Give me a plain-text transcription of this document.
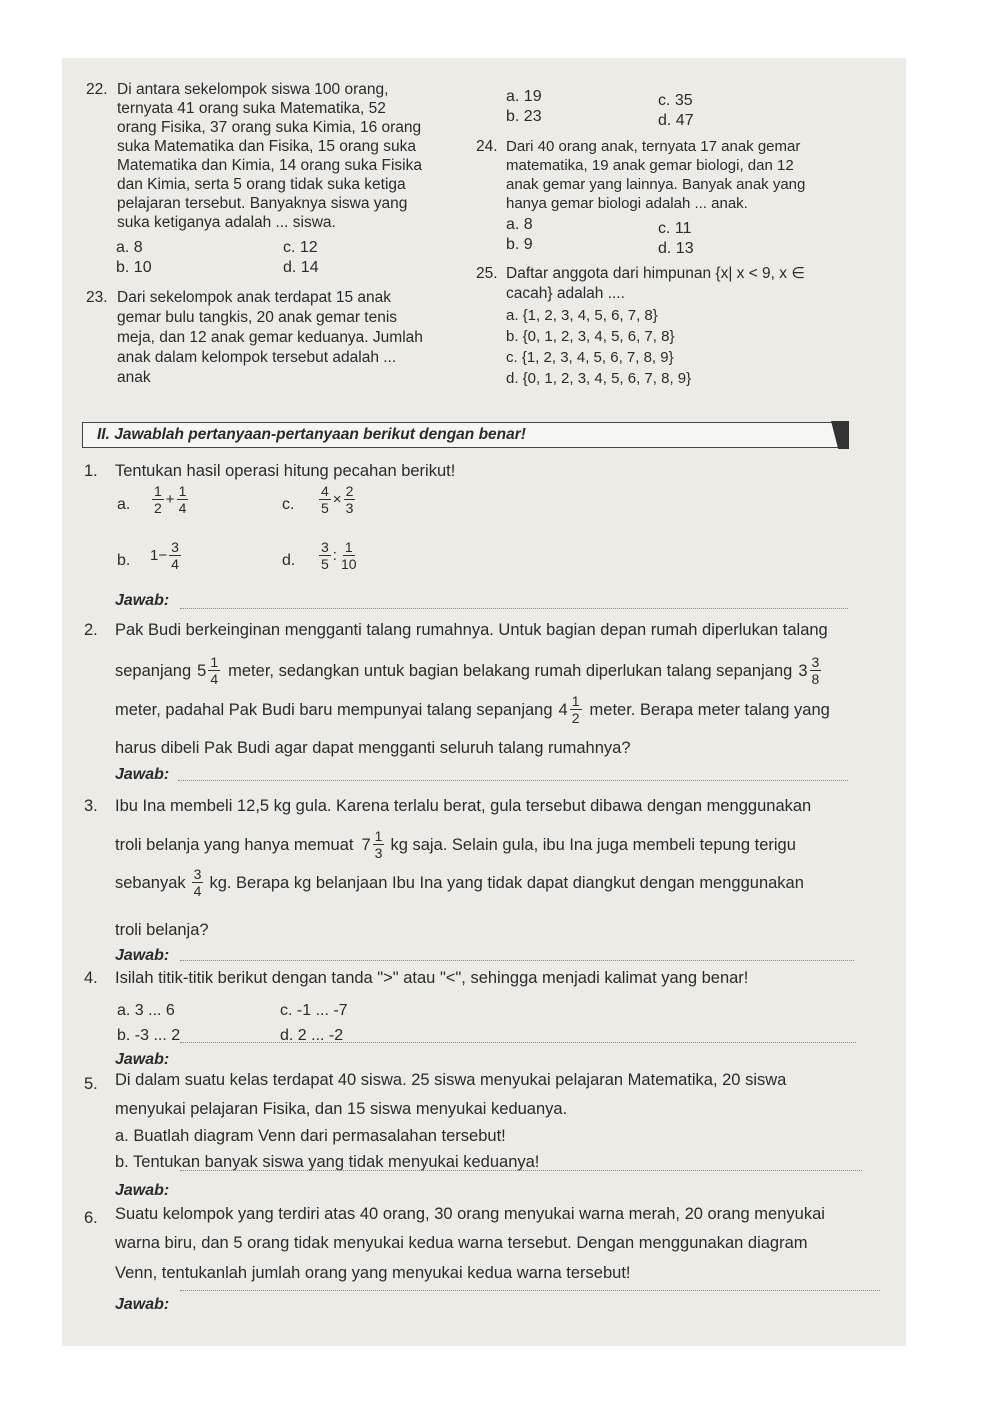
22. Di antara sekelompok siswa 100 orang,
ternyata 41 orang suka Matematika, 52
orang Fisika, 37 orang suka Kimia, 16 orang
suka Matematika dan Fisika, 15 orang suka
Matematika dan Kimia, 14 orang suka Fisika
dan Kimia, serta 5 orang tidak suka ketiga
pelajaran tersebut. Banyaknya siswa yang
suka ketiganya adalah ... siswa.
a. 8	c. 12
b. 10	d. 14
23. Dari sekelompok anak terdapat 15 anak
gemar bulu tangkis, 20 anak gemar tenis
meja, dan 12 anak gemar keduanya. Jumlah
anak dalam kelompok tersebut adalah ...
anak
a. 19	c. 35
b. 23	d. 47
24. Dari 40 orang anak, ternyata 17 anak gemar
matematika, 19 anak gemar biologi, dan 12
anak gemar yang lainnya. Banyak anak yang
hanya gemar biologi adalah ... anak.
a. 8	c. 11
b. 9	d. 13
25. Daftar anggota dari himpunan {x| x < 9, x ∈
cacah} adalah ....
a. {1, 2, 3, 4, 5, 6, 7, 8}
b. {0, 1, 2, 3, 4, 5, 6, 7, 8}
c. {1, 2, 3, 4, 5, 6, 7, 8, 9}
d. {0, 1, 2, 3, 4, 5, 6, 7, 8, 9}
II. Jawablah pertanyaan-pertanyaan berikut dengan benar!
1. Tentukan hasil operasi hitung pecahan berikut!
a. $\frac{1}{2} + \frac{1}{4}$	c. $\frac{4}{5} \times \frac{2}{3}$
b. $1 - \frac{3}{4}$	d. $\frac{3}{5}$ : $\frac{1}{10}$
Jawab:
2. Pak Budi berkeinginan mengganti talang rumahnya. Untuk bagian depan rumah diperlukan talang
sepanjang $5 \frac{1}{4}$ meter, sedangkan untuk bagian belakang rumah diperlukan talang sepanjang $3 \frac{3}{8}$
meter, padahal Pak Budi baru mempunyai talang sepanjang $4 \frac{1}{2}$ meter. Berapa meter talang yang
harus dibeli Pak Budi agar dapat mengganti seluruh talang rumahnya?
Jawab:
3. Ibu Ina membeli 12,5 kg gula. Karena terlalu berat, gula tersebut dibawa dengan menggunakan
troli belanja yang hanya memuat $7 \frac{1}{3}$ kg saja. Selain gula, ibu Ina juga membeli tepung terigu
sebanyak $\frac{3}{4}$ kg. Berapa kg belanjaan Ibu Ina yang tidak dapat diangkut dengan menggunakan
troli belanja?
Jawab:
4. Isilah titik-titik berikut dengan tanda ">" atau "<", sehingga menjadi kalimat yang benar!
a. 3 ... 6	c. -1 ... -7
b. -3 ... 2	d. 2 ... -2
Jawab:
5. Di dalam suatu kelas terdapat 40 siswa. 25 siswa menyukai pelajaran Matematika, 20 siswa
menyukai pelajaran Fisika, dan 15 siswa menyukai keduanya.
a. Buatlah diagram Venn dari permasalahan tersebut!
b. Tentukan banyak siswa yang tidak menyukai keduanya!
Jawab:
6. Suatu kelompok yang terdiri atas 40 orang, 30 orang menyukai warna merah, 20 orang menyukai
warna biru, dan 5 orang tidak menyukai kedua warna tersebut. Dengan menggunakan diagram
Venn, tentukanlah jumlah orang yang menyukai kedua warna tersebut!
Jawab:
